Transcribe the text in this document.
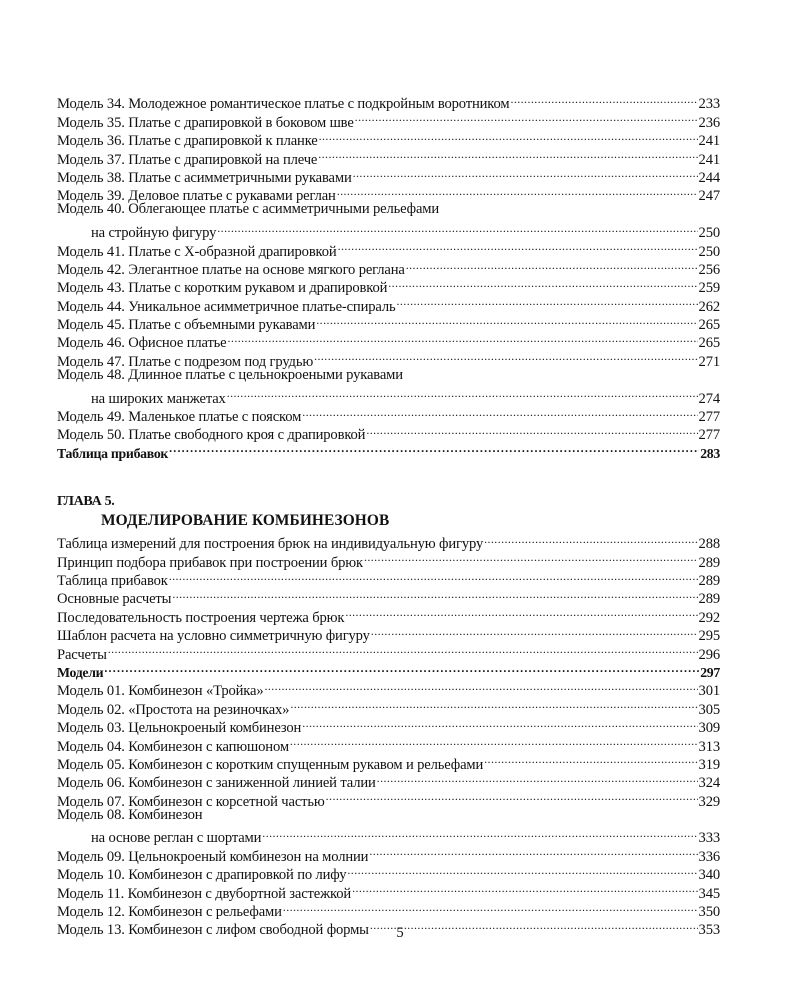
Модель 34. Молодежное романтическое платье с подкройным воротником .....	233
Модель 35. Платье с драпировкой в боковом шве .....	236
Модель 36. Платье с драпировкой к планке .....	241
Модель 37. Платье с драпировкой на плече .....	241
Модель 38. Платье с асимметричными рукавами .....	244
Модель 39. Деловое платье с рукавами реглан .....	247
Модель 40. Облегающее платье с асимметричными рельефами
на стройную фигуру .....	250
Модель 41. Платье с Х-образной драпировкой .....	250
Модель 42. Элегантное платье на основе мягкого реглана .....	256
Модель 43. Платье с коротким рукавом и драпировкой .....	259
Модель 44. Уникальное асимметричное платье-спираль .....	262
Модель 45. Платье с объемными рукавами .....	265
Модель 46. Офисное платье .....	265
Модель 47. Платье с подрезом под грудью .....	271
Модель 48. Длинное платье с цельнокроеными рукавами
на широких манжетах .....	274
Модель 49. Маленькое платье с пояском .....	277
Модель 50. Платье свободного кроя с драпировкой .....	277
Таблица прибавок .....	283
ГЛАВА 5.
МОДЕЛИРОВАНИЕ КОМБИНЕЗОНОВ
Таблица измерений для построения брюк на индивидуальную фигуру .....	288
Принцип подбора прибавок при построении брюк .....	289
Таблица прибавок .....	289
Основные расчеты .....	289
Последовательность построения чертежа брюк .....	292
Шаблон расчета на условно симметричную фигуру .....	295
Расчеты .....	296
Модели .....	297
Модель 01. Комбинезон «Тройка» .....	301
Модель 02. «Простота на резиночках» .....	305
Модель 03. Цельнокроеный комбинезон .....	309
Модель 04. Комбинезон с капюшоном .....	313
Модель 05. Комбинезон с коротким спущенным рукавом и рельефами .....	319
Модель 06. Комбинезон с заниженной линией талии .....	324
Модель 07. Комбинезон с корсетной частью .....	329
Модель 08. Комбинезон
на основе реглан с шортами .....	333
Модель 09. Цельнокроеный комбинезон на молнии .....	336
Модель 10. Комбинезон с драпировкой по лифу .....	340
Модель 11. Комбинезон с двубортной застежкой .....	345
Модель 12. Комбинезон с рельефами .....	350
Модель 13. Комбинезон с лифом свободной формы .....	353
5
